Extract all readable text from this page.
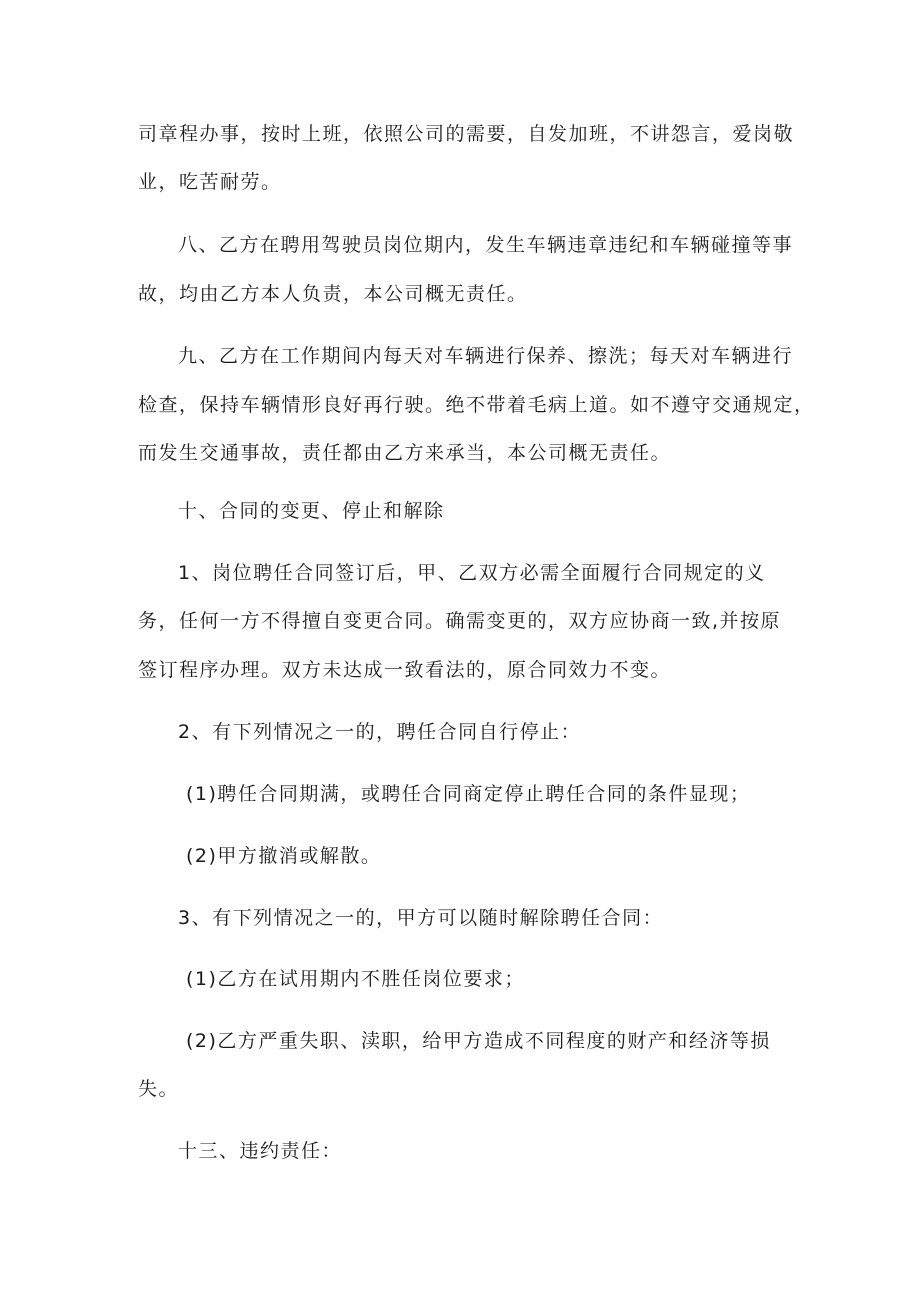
司章程办事，按时上班，依照公司的需要，自发加班，不讲怨言，爱岗敬
业，吃苦耐劳。
八、乙方在聘用驾驶员岗位期内，发生车辆违章违纪和车辆碰撞等事
故，均由乙方本人负责，本公司概无责任。
九、乙方在工作期间内每天对车辆进行保养、擦洗；每天对车辆进行
检查，保持车辆情形良好再行驶。绝不带着毛病上道。如不遵守交通规定，
而发生交通事故，责任都由乙方来承当，本公司概无责任。
十、合同的变更、停止和解除
1、岗位聘任合同签订后，甲、乙双方必需全面履行合同规定的义
务，任何一方不得擅自变更合同。确需变更的，双方应协商一致,并按原
签订程序办理。双方未达成一致看法的，原合同效力不变。
2、有下列情况之一的，聘任合同自行停止：
(1)聘任合同期满，或聘任合同商定停止聘任合同的条件显现；
(2)甲方撤消或解散。
3、有下列情况之一的，甲方可以随时解除聘任合同：
(1)乙方在试用期内不胜任岗位要求；
(2)乙方严重失职、渎职，给甲方造成不同程度的财产和经济等损
失。
十三、违约责任：
